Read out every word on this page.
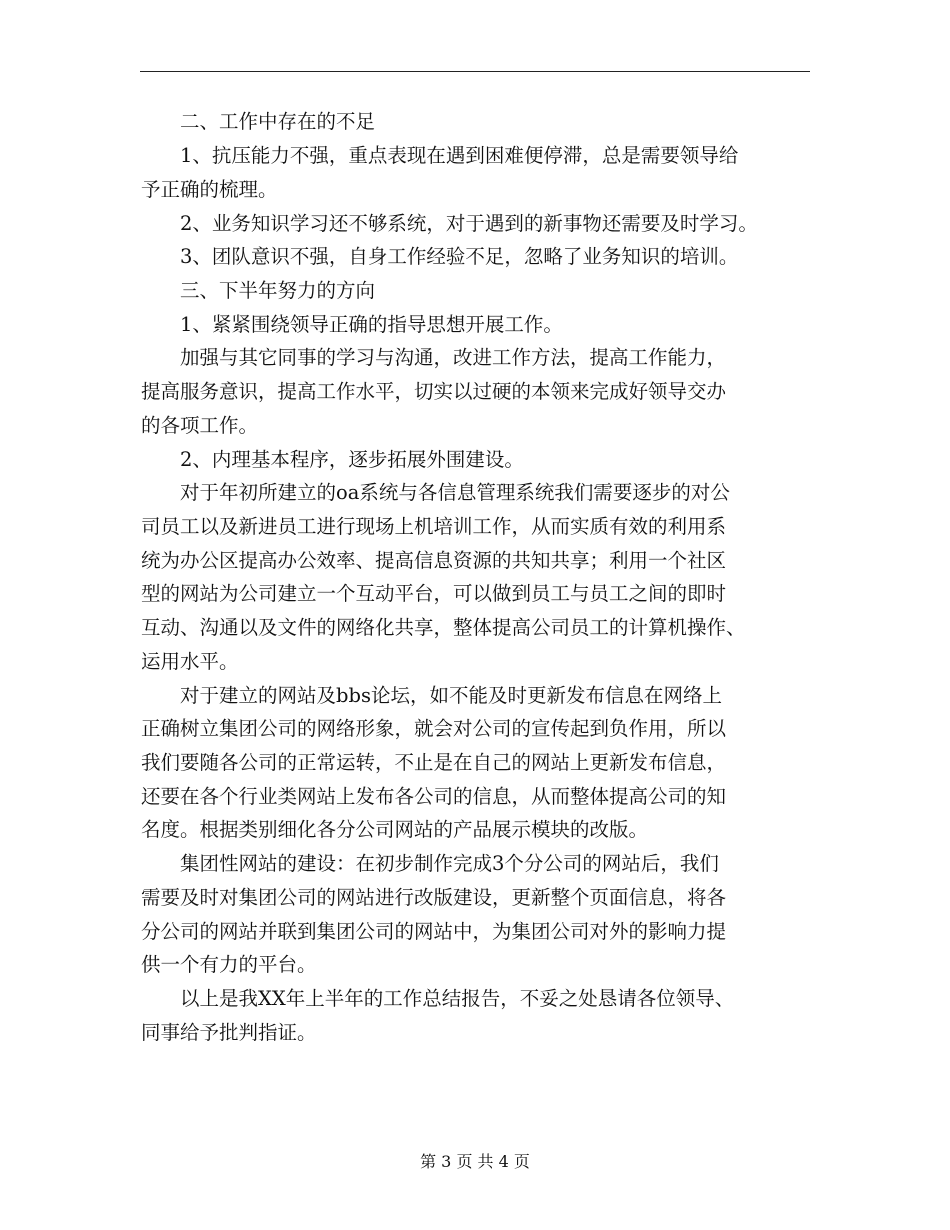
　　二、工作中存在的不足
　　1、抗压能力不强，重点表现在遇到困难便停滞，总是需要领导给
予正确的梳理。
　　2、业务知识学习还不够系统，对于遇到的新事物还需要及时学习。
　　3、团队意识不强，自身工作经验不足，忽略了业务知识的培训。
　　三、下半年努力的方向
　　1、紧紧围绕领导正确的指导思想开展工作。
　　加强与其它同事的学习与沟通，改进工作方法，提高工作能力，
提高服务意识，提高工作水平，切实以过硬的本领来完成好领导交办
的各项工作。
　　2、内理基本程序，逐步拓展外围建设。
　　对于年初所建立的oa系统与各信息管理系统我们需要逐步的对公
司员工以及新进员工进行现场上机培训工作，从而实质有效的利用系
统为办公区提高办公效率、提高信息资源的共知共享；利用一个社区
型的网站为公司建立一个互动平台，可以做到员工与员工之间的即时
互动、沟通以及文件的网络化共享，整体提高公司员工的计算机操作、
运用水平。
　　对于建立的网站及bbs论坛，如不能及时更新发布信息在网络上
正确树立集团公司的网络形象，就会对公司的宣传起到负作用，所以
我们要随各公司的正常运转，不止是在自己的网站上更新发布信息，
还要在各个行业类网站上发布各公司的信息，从而整体提高公司的知
名度。根据类别细化各分公司网站的产品展示模块的改版。
　　集团性网站的建设：在初步制作完成3个分公司的网站后，我们
需要及时对集团公司的网站进行改版建设，更新整个页面信息，将各
分公司的网站并联到集团公司的网站中，为集团公司对外的影响力提
供一个有力的平台。
　　以上是我XX年上半年的工作总结报告，不妥之处恳请各位领导、
同事给予批判指证。
第 3 页 共 4 页
